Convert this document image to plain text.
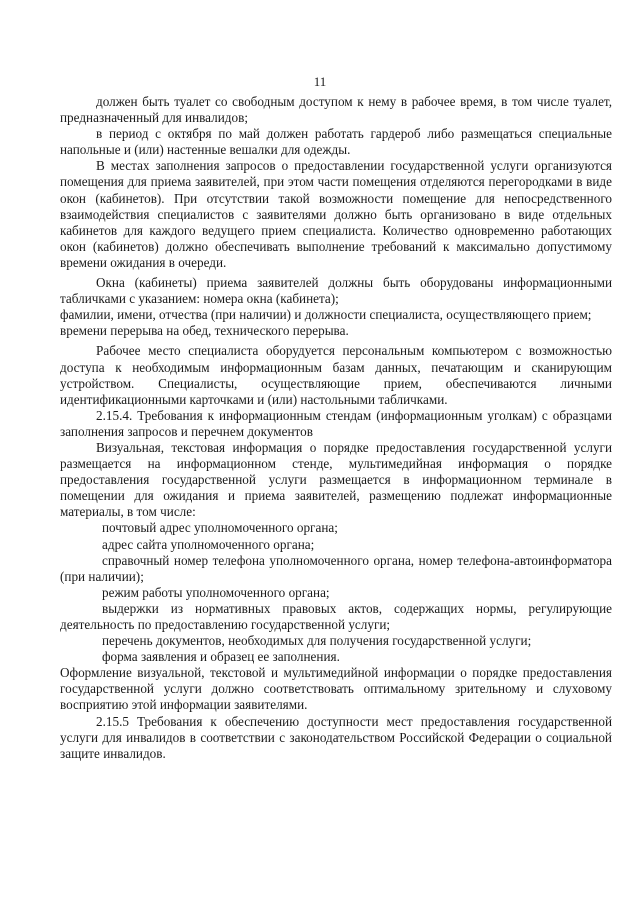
11

должен быть туалет со свободным доступом к нему в рабочее время, в том числе туалет, предназначенный для инвалидов;

в период с октября по май должен работать гардероб либо размещаться специальные напольные и (или) настенные вешалки для одежды.

В местах заполнения запросов о предоставлении государственной услуги организуются помещения для приема заявителей, при этом части помещения отделяются перегородками в виде окон (кабинетов). При отсутствии такой возможности помещение для непосредственного взаимодействия специалистов с заявителями должно быть организовано в виде отдельных кабинетов для каждого ведущего прием специалиста. Количество одновременно работающих окон (кабинетов) должно обеспечивать выполнение требований к максимально допустимому времени ожидания в очереди.

Окна (кабинеты) приема заявителей должны быть оборудованы информационными табличками с указанием: номера окна (кабинета);

фамилии, имени, отчества (при наличии) и должности специалиста, осуществляющего прием;

времени перерыва на обед, технического перерыва.

Рабочее место специалиста оборудуется персональным компьютером с возможностью доступа к необходимым информационным базам данных, печатающим и сканирующим устройством. Специалисты, осуществляющие прием, обеспечиваются личными идентификационными карточками и (или) настольными табличками.

2.15.4. Требования к информационным стендам (информационным уголкам) с образцами заполнения запросов и перечнем документов

Визуальная, текстовая информация о порядке предоставления государственной услуги размещается на информационном стенде, мультимедийная информация о порядке предоставления государственной услуги размещается в информационном терминале в помещении для ожидания и приема заявителей, размещению подлежат информационные материалы, в том числе:

почтовый адрес уполномоченного органа;

адрес сайта уполномоченного органа;

справочный номер телефона уполномоченного органа, номер телефона-автоинформатора (при наличии);

режим работы уполномоченного органа;

выдержки из нормативных правовых актов, содержащих нормы, регулирующие деятельность по предоставлению государственной услуги;

перечень документов, необходимых для получения государственной услуги;

форма заявления и образец ее заполнения.

Оформление визуальной, текстовой и мультимедийной информации о порядке предоставления государственной услуги должно соответствовать оптимальному зрительному и слуховому восприятию этой информации заявителями.

2.15.5 Требования к обеспечению доступности мест предоставления государственной услуги для инвалидов в соответствии с законодательством Российской Федерации о социальной защите инвалидов.
